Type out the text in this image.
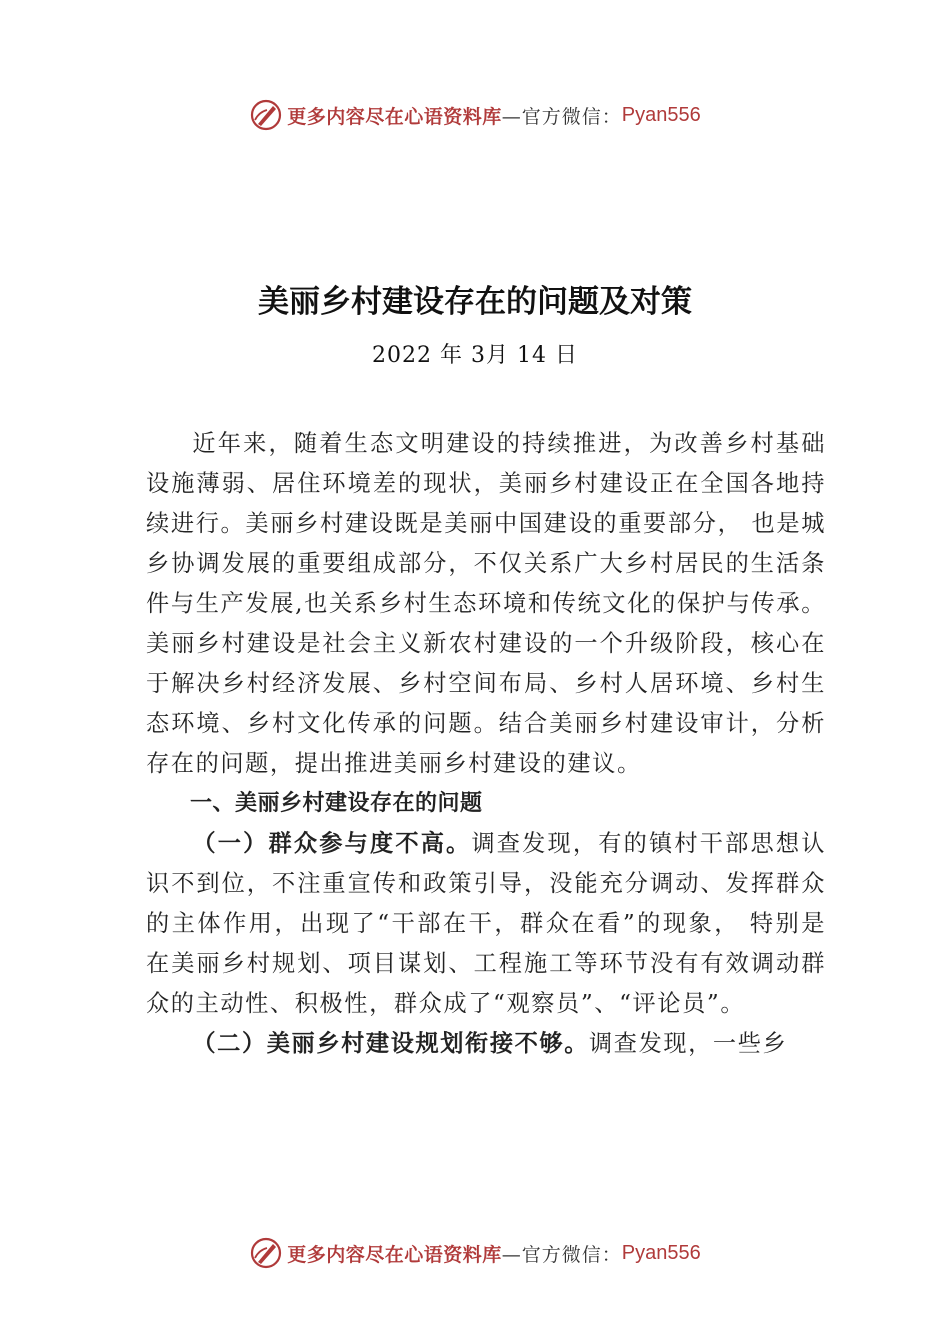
更多内容尽在心语资料库 —官方微信： Pyan556
美丽乡村建设存在的问题及对策
2022 年 3月 14 日

近年来，随着生态文明建设的持续推进，为改善乡村基础设施薄弱、居住环境差的现状，美丽乡村建设正在全国各地持续进行。美丽乡村建设既是美丽中国建设的重要部分， 也是城乡协调发展的重要组成部分，不仅关系广大乡村居民的生活条件与生产发展,也关系乡村生态环境和传统文化的保护与传承。美丽乡村建设是社会主义新农村建设的一个升级阶段，核心在于解决乡村经济发展、乡村空间布局、乡村人居环境、乡村生态环境、乡村文化传承的问题。结合美丽乡村建设审计，分析存在的问题，提出推进美丽乡村建设的建议。

一、美丽乡村建设存在的问题

（一）群众参与度不高。调查发现，有的镇村干部思想认识不到位，不注重宣传和政策引导，没能充分调动、发挥群众的主体作用，出现了“干部在干，群众在看”的现象， 特别是在美丽乡村规划、项目谋划、工程施工等环节没有有效调动群众的主动性、积极性，群众成了“观察员”、“评论员”。

（二）美丽乡村建设规划衔接不够。调查发现，一些乡

更多内容尽在心语资料库 —官方微信： Pyan556
